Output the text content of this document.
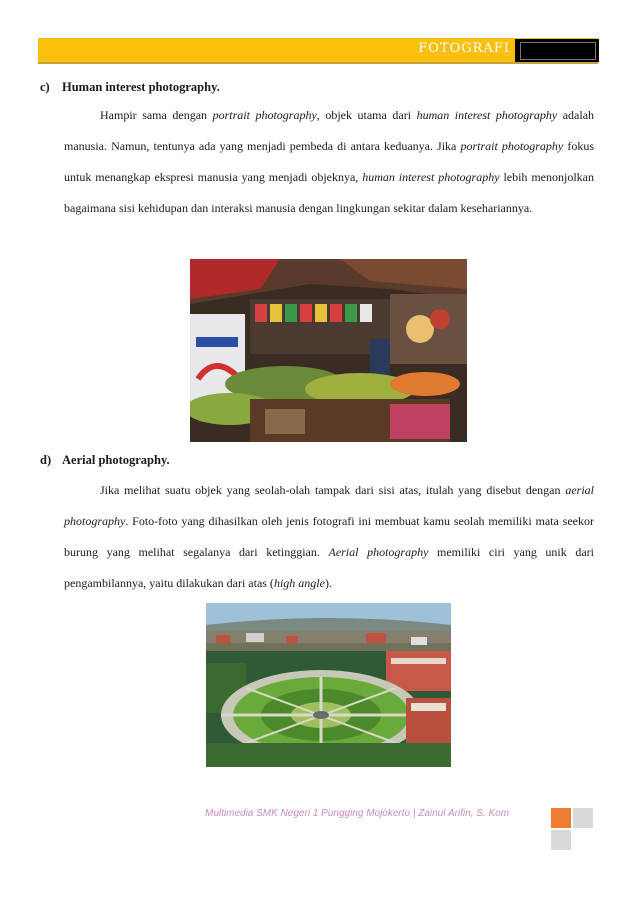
FOTOGRAFI
c) Human interest photography.
Hampir sama dengan portrait photography, objek utama dari human interest photography adalah manusia. Namun, tentunya ada yang menjadi pembeda di antara keduanya. Jika portrait photography fokus untuk menangkap ekspresi manusia yang menjadi objeknya, human interest photography lebih menonjolkan bagaimana sisi kehidupan dan interaksi manusia dengan lingkungan sekitar dalam kesehariannya.
d) Aerial photography.
Jika melihat suatu objek yang seolah-olah tampak dari sisi atas, itulah yang disebut dengan aerial photography. Foto-foto yang dihasilkan oleh jenis fotografi ini membuat kamu seolah memiliki mata seekor burung yang melihat segalanya dari ketinggian. Aerial photography memiliki ciri yang unik dari pengambilannya, yaitu dilakukan dari atas (high angle).
Multimedia SMK Negeri 1 Pungging Mojokerto | Zainul Arifin, S. Kom
